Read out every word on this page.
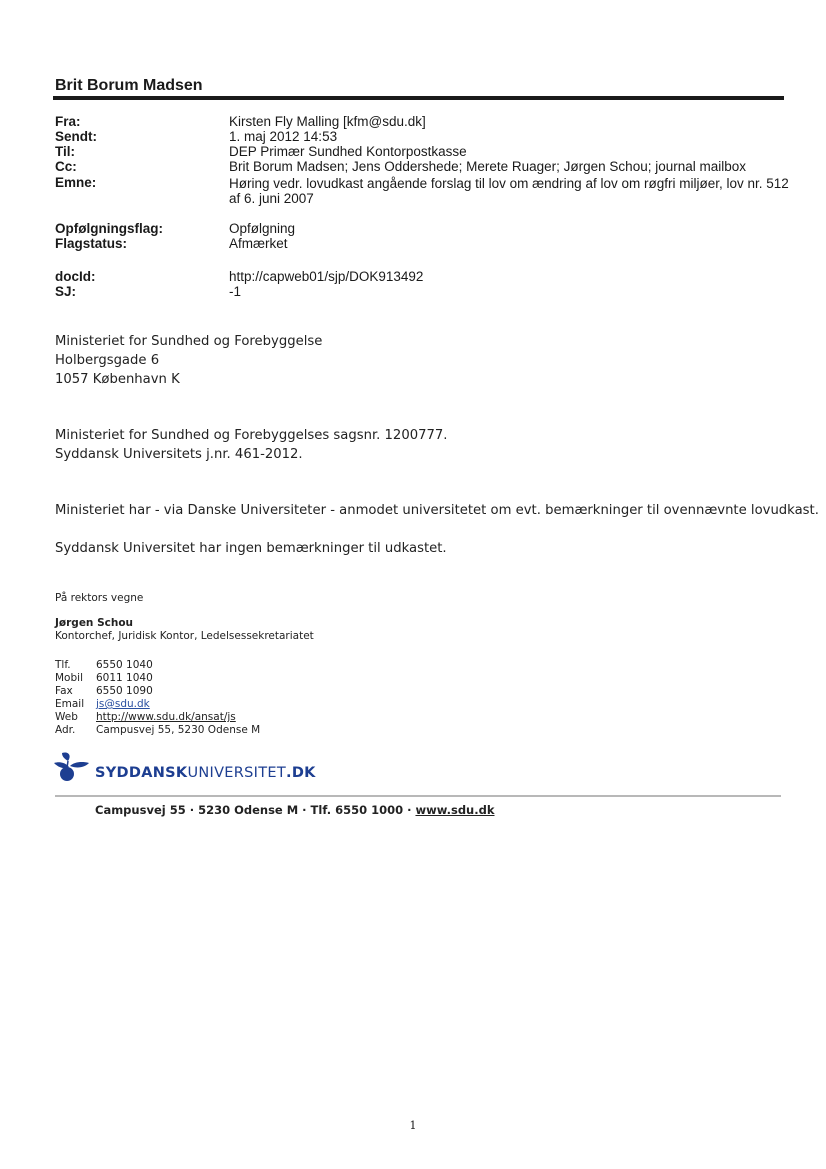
Brit Borum Madsen
Fra:	Kirsten Fly Malling [kfm@sdu.dk]
Sendt:	1. maj 2012 14:53
Til:	DEP Primær Sundhed Kontorpostkasse
Cc:	Brit Borum Madsen; Jens Oddershede; Merete Ruager; Jørgen Schou; journal mailbox
Emne:	Høring vedr. lovudkast angående forslag til lov om ændring af lov om røgfri miljøer, lov nr. 512 af 6. juni 2007
Opfølgningsflag:	Opfølgning
Flagstatus:	Afmærket
docId:	http://capweb01/sjp/DOK913492
SJ:	-1
Ministeriet for Sundhed og Forebyggelse
Holbergsgade 6
1057 København K
Ministeriet for Sundhed og Forebyggelses sagsnr. 1200777.
Syddansk Universitets j.nr. 461-2012.
Ministeriet har - via Danske Universiteter - anmodet universitetet om evt. bemærkninger til ovennævnte lovudkast.
Syddansk Universitet har ingen bemærkninger til udkastet.
På rektors vegne
Jørgen Schou
Kontorchef, Juridisk Kontor, Ledelsessekretariatet
Tlf. 6550 1040
Mobil 6011 1040
Fax 6550 1090
Email js@sdu.dk
Web http://www.sdu.dk/ansat/js
Adr. Campusvej 55, 5230 Odense M
SYDDANSKUNIVERSITET.DK
Campusvej 55 · 5230 Odense M · Tlf. 6550 1000 · www.sdu.dk
1
